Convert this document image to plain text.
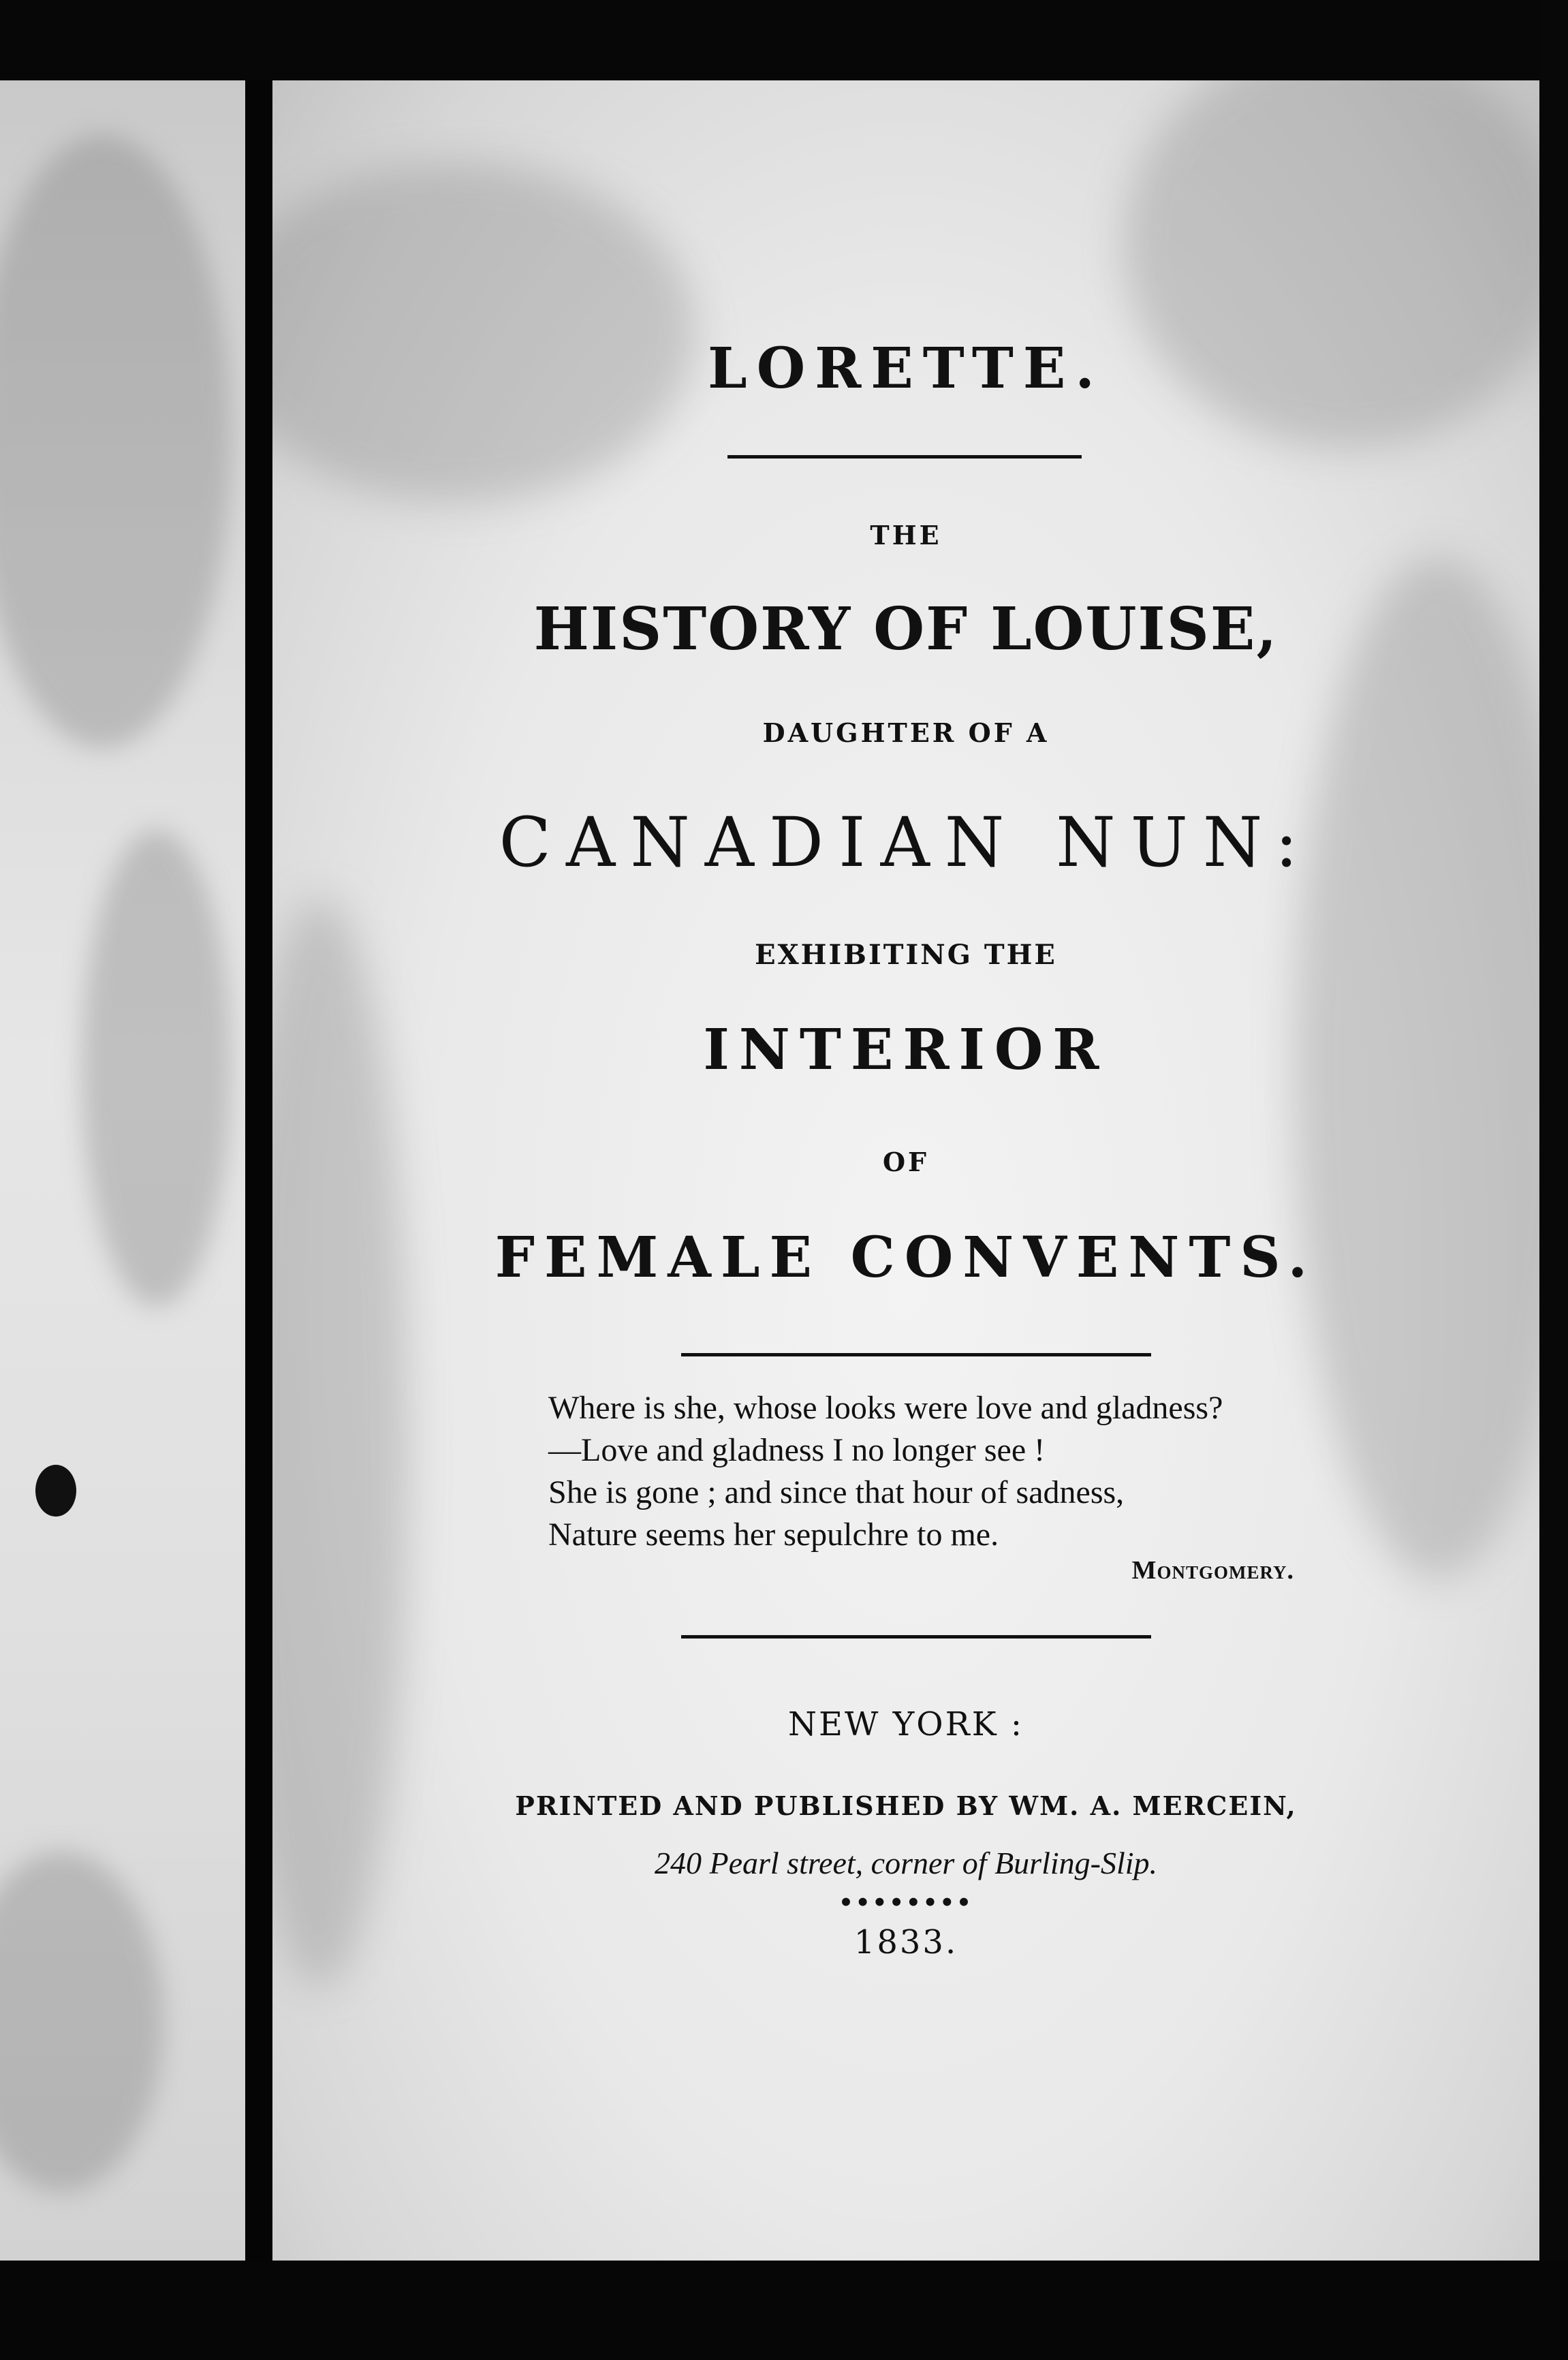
LORETTE.
THE
HISTORY OF LOUISE,
DAUGHTER OF A
CANADIAN NUN:
EXHIBITING THE
INTERIOR
OF
FEMALE CONVENTS.
Where is she, whose looks were love and gladness?
—Love and gladness I no longer see !
She is gone ; and since that hour of sadness,
Nature seems her sepulchre to me.
Montgomery.
NEW YORK :
PRINTED AND PUBLISHED BY WM. A. MERCEIN,
240 Pearl street, corner of Burling-Slip.
••••••••
1833.
